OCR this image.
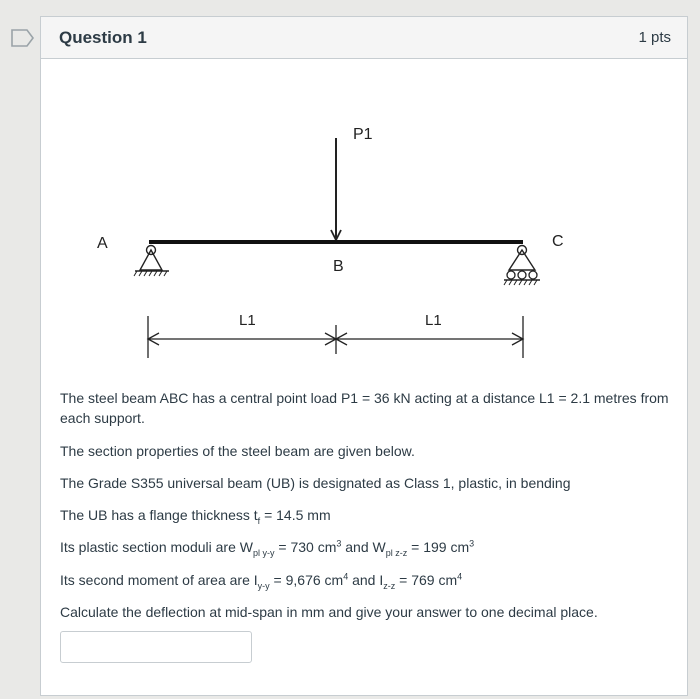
Question 1	1 pts
P1
A
B
C
L1	L1

The steel beam ABC has a central point load P1 = 36 kN acting at a distance L1 = 2.1 metres from each support.

The section properties of the steel beam are given below.

The Grade S355 universal beam (UB) is designated as Class 1, plastic, in bending

The UB has a flange thickness $t_f = 14.5$ mm

Its plastic section moduli are $W_{pl y-y} = 730$ $cm^3$ and $W_{pl z-z} = 199$ $cm^3$

Its second moment of area are $I_{y-y} = 9,676$ $cm^4$ and $I_{z-z} = 769$ $cm^4$

Calculate the deflection at mid-span in mm and give your answer to one decimal place.
